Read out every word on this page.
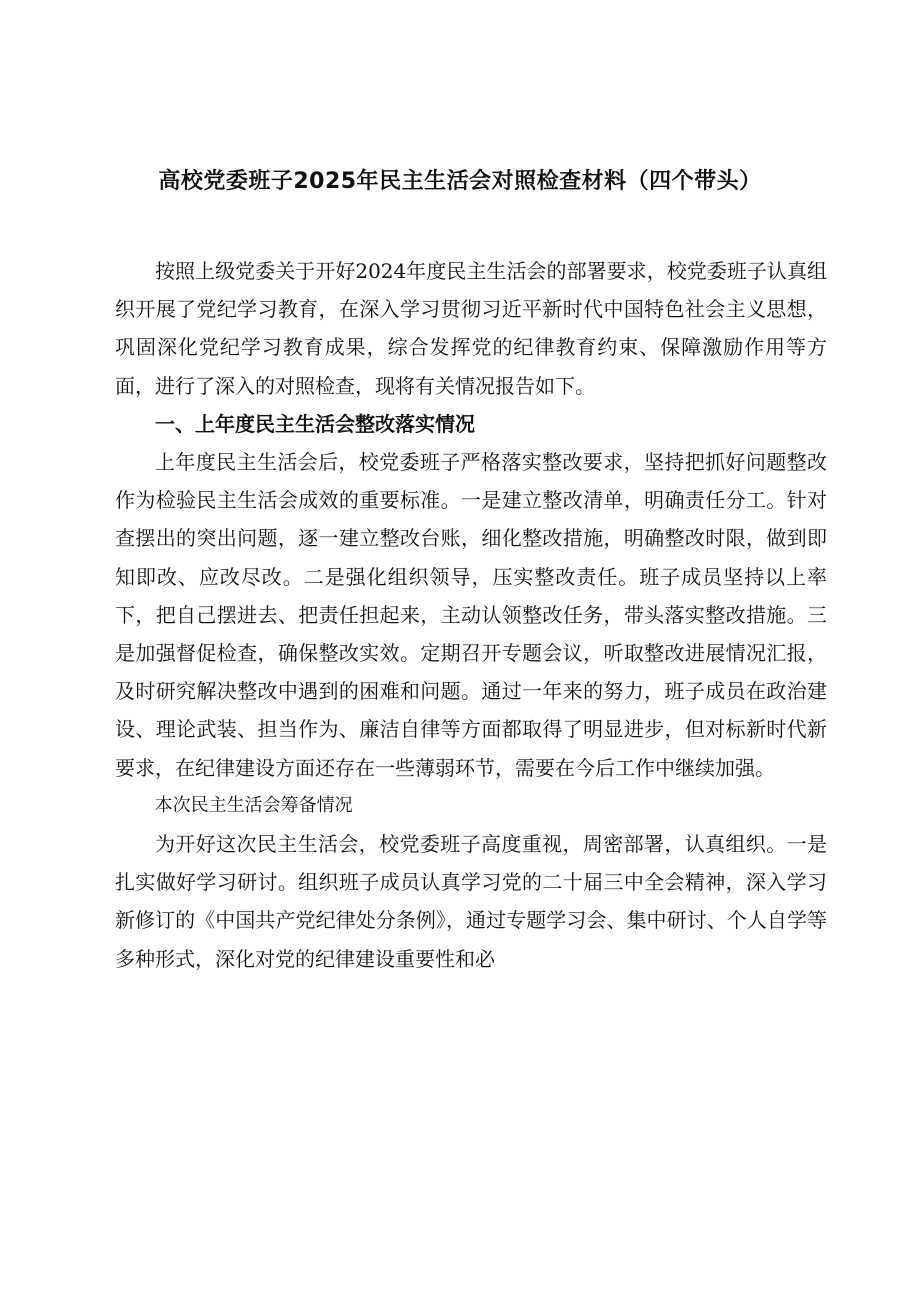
高校党委班子2025年民主生活会对照检查材料（四个带头）

按照上级党委关于开好2024年度民主生活会的部署要求，校党委班子认真组织开展了党纪学习教育，在深入学习贯彻习近平新时代中国特色社会主义思想，巩固深化党纪学习教育成果，综合发挥党的纪律教育约束、保障激励作用等方面，进行了深入的对照检查，现将有关情况报告如下。

一、上年度民主生活会整改落实情况

上年度民主生活会后，校党委班子严格落实整改要求，坚持把抓好问题整改作为检验民主生活会成效的重要标准。一是建立整改清单，明确责任分工。针对查摆出的突出问题，逐一建立整改台账，细化整改措施，明确整改时限，做到即知即改、应改尽改。二是强化组织领导，压实整改责任。班子成员坚持以上率下，把自己摆进去、把责任担起来，主动认领整改任务，带头落实整改措施。三是加强督促检查，确保整改实效。定期召开专题会议，听取整改进展情况汇报，及时研究解决整改中遇到的困难和问题。通过一年来的努力，班子成员在政治建设、理论武装、担当作为、廉洁自律等方面都取得了明显进步，但对标新时代新要求，在纪律建设方面还存在一些薄弱环节，需要在今后工作中继续加强。

本次民主生活会筹备情况

为开好这次民主生活会，校党委班子高度重视，周密部署，认真组织。一是扎实做好学习研讨。组织班子成员认真学习党的二十届三中全会精神，深入学习新修订的《中国共产党纪律处分条例》，通过专题学习会、集中研讨、个人自学等多种形式，深化对党的纪律建设重要性和必
